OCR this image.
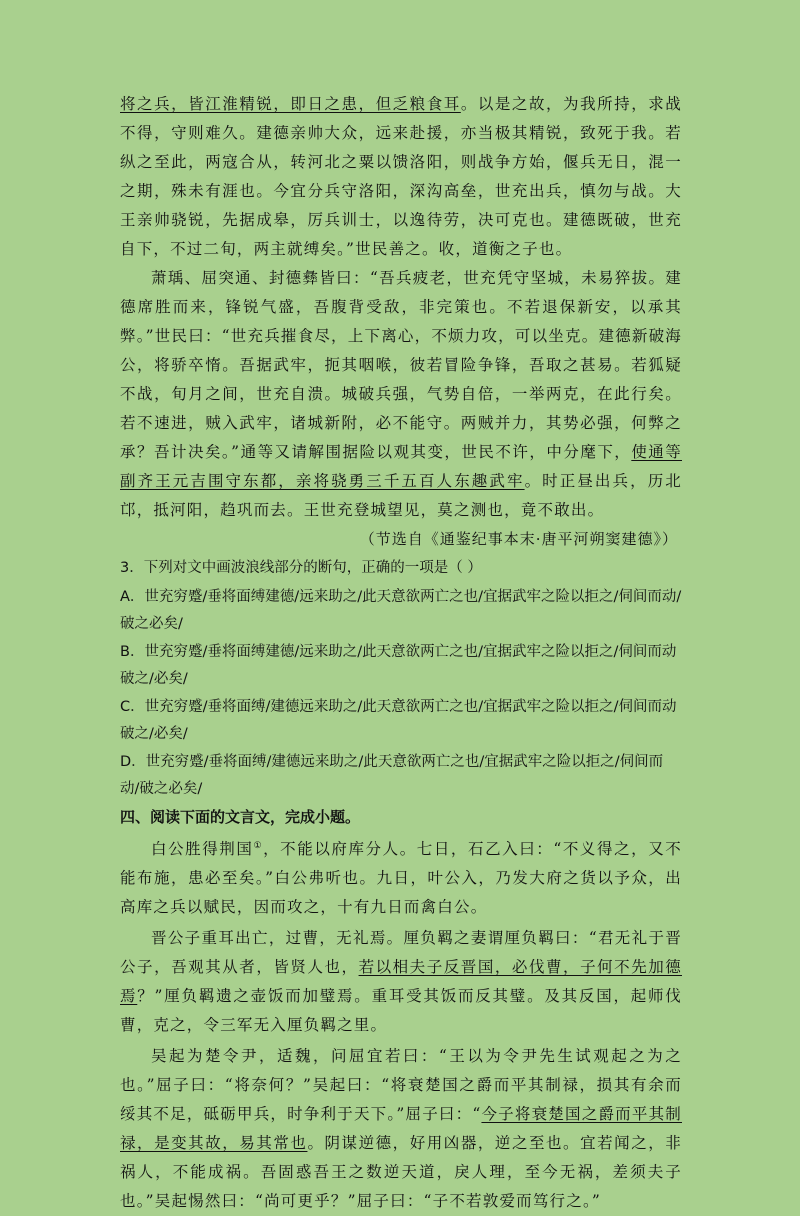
将之兵，皆江淮精锐，即日之患，但乏粮食耳。以是之故，为我所持，求战不得，守则难久。建德亲帅大众，远来赴援，亦当极其精锐，致死于我。若纵之至此，两寇合从，转河北之粟以馈洛阳，则战争方始，偃兵无日，混一之期，殊未有涯也。今宜分兵守洛阳，深沟高垒，世充出兵，慎勿与战。大王亲帅骁锐，先据成皋，厉兵训士，以逸待劳，决可克也。建德既破，世充自下，不过二旬，两主就缚矣。”世民善之。收，道衡之子也。

萧瑀、屈突通、封德彝皆曰：“吾兵疲老，世充凭守坚城，未易猝拔。建德席胜而来，锋锐气盛，吾腹背受敌，非完策也。不若退保新安，以承其弊。”世民曰：“世充兵摧食尽，上下离心，不烦力攻，可以坐克。建德新破海公，将骄卒惰。吾据武牢，扼其咽喉，彼若冒险争锋，吾取之甚易。若狐疑不战，旬月之间，世充自溃。城破兵强，气势自倍，一举两克，在此行矣。若不速进，贼入武牢，诸城新附，必不能守。两贼并力，其势必强，何弊之承？吾计决矣。”通等又请解围据险以观其变，世民不许，中分麾下，使通等副齐王元吉围守东都，亲将骁勇三千五百人东趣武牢。时正昼出兵，历北邙，抵河阳，趋巩而去。王世充登城望见，莫之测也，竟不敢出。

（节选自《通鉴纪事本末·唐平河朔窦建德》）

3．下列对文中画波浪线部分的断句，正确的一项是（ ）

A．世充穷蹙/垂将面缚建德/远来助之/此天意欲两亡之也/宜据武牢之险以拒之/伺间而动/破之必矣/

B．世充穷蹙/垂将面缚建德/远来助之/此天意欲两亡之也/宜据武牢之险以拒之/伺间而动破之/必矣/

C．世充穷蹙/垂将面缚/建德远来助之/此天意欲两亡之也/宜据武牢之险以拒之/伺间而动破之/必矣/

D．世充穷蹙/垂将面缚/建德远来助之/此天意欲两亡之也/宜据武牢之险以拒之/伺间而动/破之必矣/

四、阅读下面的文言文，完成小题。

白公胜得荆国①，不能以府库分人。七日，石乙入曰：“不义得之，又不能布施，患必至矣。”白公弗听也。九日，叶公入，乃发大府之货以予众，出高库之兵以赋民，因而攻之，十有九日而禽白公。

晋公子重耳出亡，过曹，无礼焉。厘负羁之妻谓厘负羁曰：“君无礼于晋公子，吾观其从者，皆贤人也，若以相夫子反晋国，必伐曹，子何不先加德焉？”厘负羁遗之壶饭而加璧焉。重耳受其饭而反其璧。及其反国，起师伐曹，克之，令三军无入厘负羁之里。

吴起为楚令尹，适魏，问屈宜若曰：“王以为令尹先生试观起之为之也。”屈子曰：“将奈何？”吴起曰：“将衰楚国之爵而平其制禄，损其有余而绥其不足，砥砺甲兵，时争利于天下。”屈子曰：“今子将衰楚国之爵而平其制禄，是变其故，易其常也。阴谋逆德，好用凶器，逆之至也。宜若闻之，非祸人，不能成祸。吾固惑吾王之数逆天道，戾人理，至今无祸，差须夫子也。”吴起惕然曰：“尚可更乎？”屈子曰：“子不若敦爱而笃行之。”
